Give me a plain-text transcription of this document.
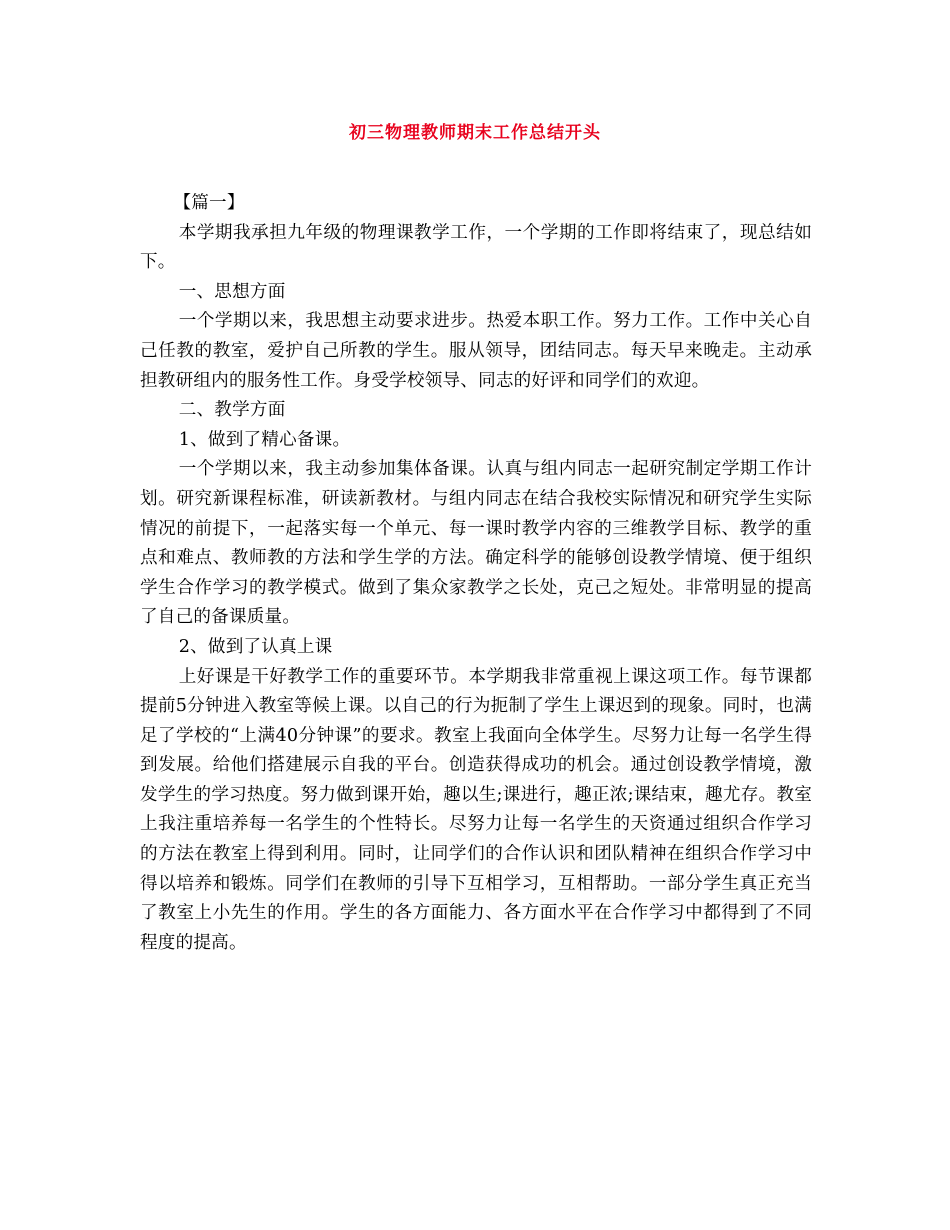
初三物理教师期末工作总结开头

【篇一】

本学期我承担九年级的物理课教学工作，一个学期的工作即将结束了，现总结如下。

一、思想方面

一个学期以来，我思想主动要求进步。热爱本职工作。努力工作。工作中关心自己任教的教室，爱护自己所教的学生。服从领导，团结同志。每天早来晚走。主动承担教研组内的服务性工作。身受学校领导、同志的好评和同学们的欢迎。

二、教学方面

1、做到了精心备课。

一个学期以来，我主动参加集体备课。认真与组内同志一起研究制定学期工作计划。研究新课程标准，研读新教材。与组内同志在结合我校实际情况和研究学生实际情况的前提下，一起落实每一个单元、每一课时教学内容的三维教学目标、教学的重点和难点、教师教的方法和学生学的方法。确定科学的能够创设教学情境、便于组织学生合作学习的教学模式。做到了集众家教学之长处，克己之短处。非常明显的提高了自己的备课质量。

2、做到了认真上课

上好课是干好教学工作的重要环节。本学期我非常重视上课这项工作。每节课都提前5分钟进入教室等候上课。以自己的行为扼制了学生上课迟到的现象。同时，也满足了学校的“上满40分钟课”的要求。教室上我面向全体学生。尽努力让每一名学生得到发展。给他们搭建展示自我的平台。创造获得成功的机会。通过创设教学情境，激发学生的学习热度。努力做到课开始，趣以生;课进行，趣正浓;课结束，趣尤存。教室上我注重培养每一名学生的个性特长。尽努力让每一名学生的天资通过组织合作学习的方法在教室上得到利用。同时，让同学们的合作认识和团队精神在组织合作学习中得以培养和锻炼。同学们在教师的引导下互相学习，互相帮助。一部分学生真正充当了教室上小先生的作用。学生的各方面能力、各方面水平在合作学习中都得到了不同程度的提高。
